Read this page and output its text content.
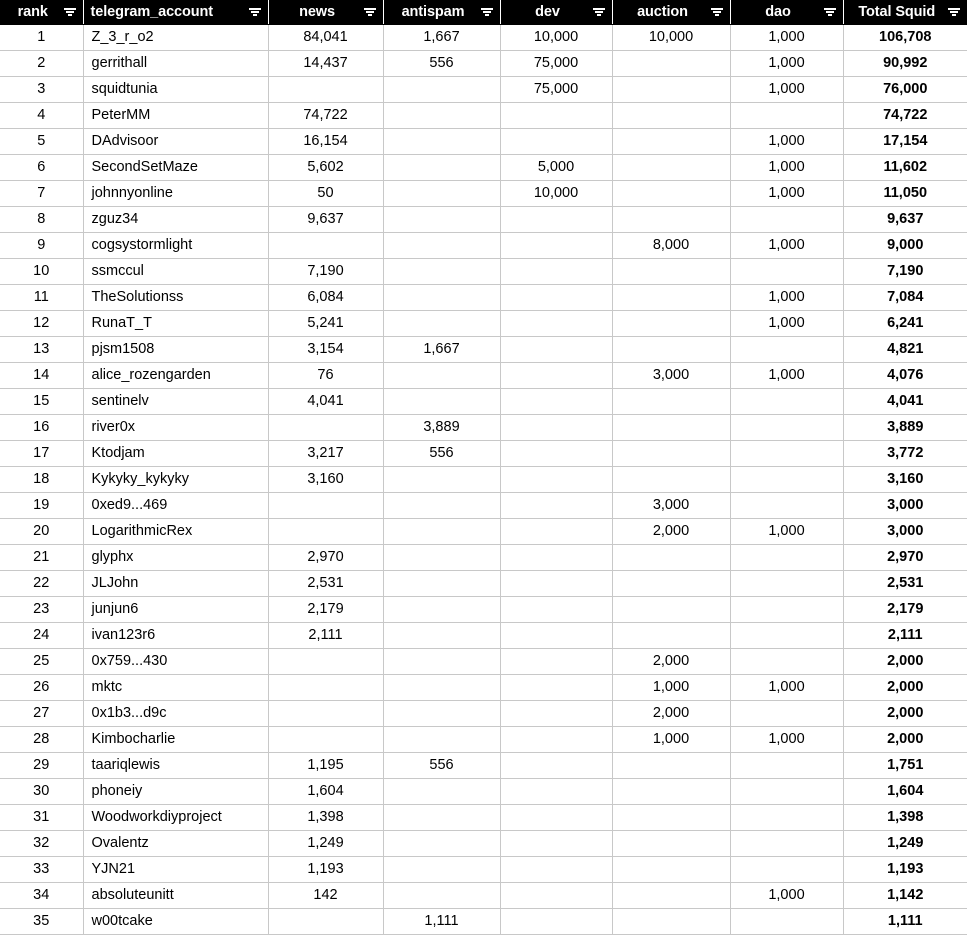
rank	telegram_account	news	antispam	dev	auction	dao	Total Squid

1	Z_3_r_o2	84,041	1,667	10,000	10,000	1,000	106,708
2	gerrithall	14,437	556	75,000		1,000	90,992
3	squidtunia			75,000		1,000	76,000
4	PeterMM	74,722					74,722
5	DAdvisoor	16,154				1,000	17,154
6	SecondSetMaze	5,602		5,000		1,000	11,602
7	johnnyonline	50		10,000		1,000	11,050
8	zguz34	9,637					9,637
9	cogsystormlight				8,000	1,000	9,000
10	ssmccul	7,190					7,190
11	TheSolutionss	6,084				1,000	7,084
12	RunaT_T	5,241				1,000	6,241
13	pjsm1508	3,154	1,667				4,821
14	alice_rozengarden	76			3,000	1,000	4,076
15	sentinelv	4,041					4,041
16	river0x		3,889				3,889
17	Ktodjam	3,217	556				3,772
18	Kykyky_kykyky	3,160					3,160
19	0xed9...469				3,000		3,000
20	LogarithmicRex				2,000	1,000	3,000
21	glyphx	2,970					2,970
22	JLJohn	2,531					2,531
23	junjun6	2,179					2,179
24	ivan123r6	2,111					2,111
25	0x759...430				2,000		2,000
26	mktc				1,000	1,000	2,000
27	0x1b3...d9c				2,000		2,000
28	Kimbocharlie				1,000	1,000	2,000
29	taariqlewis	1,195	556				1,751
30	phoneiy	1,604					1,604
31	Woodworkdiyproject	1,398					1,398
32	Ovalentz	1,249					1,249
33	YJN21	1,193					1,193
34	absoluteunitt	142				1,000	1,142
35	w00tcake		1,111				1,111
